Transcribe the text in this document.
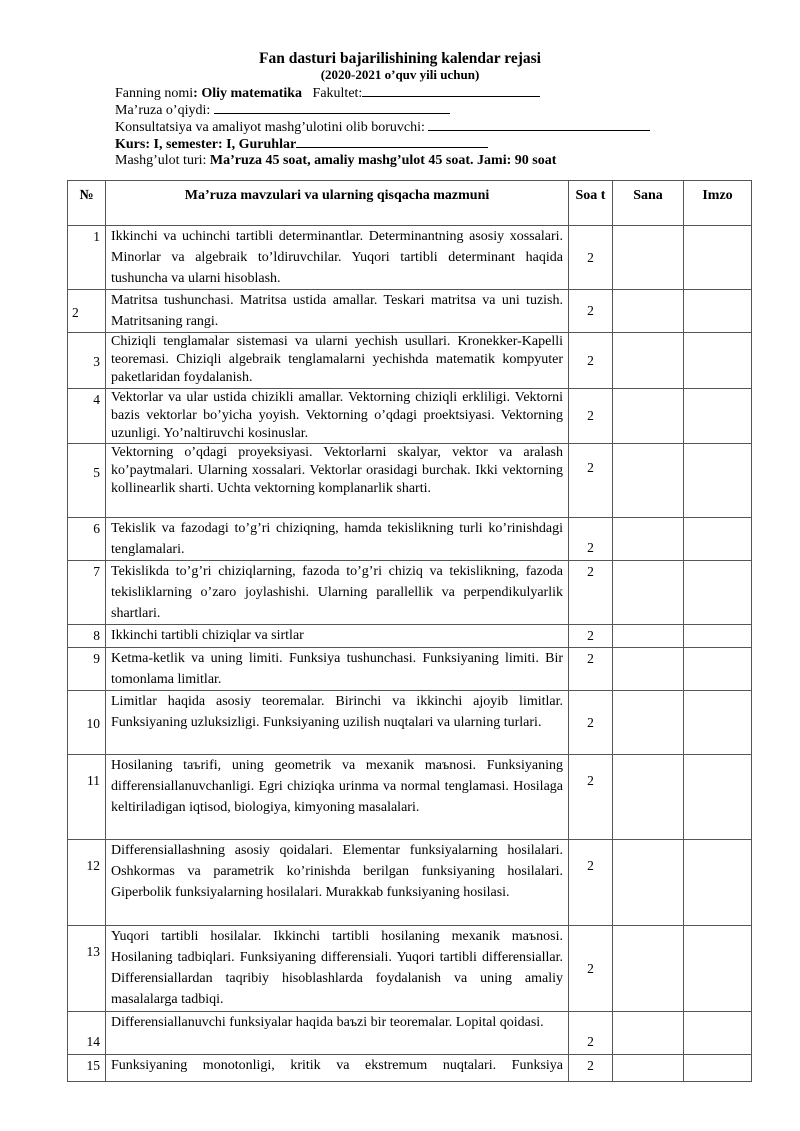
Fan dasturi bajarilishining kalendar rejasi
(2020-2021 o’quv yili uchun)
Fanning nomi: Oliy matematika Fakultet:
Ma’ruza o’qiydi:
Konsultatsiya va amaliyot mashg’ulotini olib boruvchi:
Kurs: I, semester: I, Guruhlar
Mashg’ulot turi: Ma’ruza 45 soat, amaliy mashg’ulot 45 soat. Jami: 90 soat
№	Ma’ruza mavzulari va ularning qisqacha mazmuni	Soa t	Sana	Imzo
1	Ikkinchi va uchinchi tartibli determinantlar. Determinantning asosiy xossalari. Minorlar va algebraik to’ldiruvchilar. Yuqori tartibli determinant haqida tushuncha va ularni hisoblash.	2		
2	Matritsa tushunchasi. Matritsa ustida amallar. Teskari matritsa va uni tuzish. Matritsaning rangi.	2		
3	Chiziqli tenglamalar sistemasi va ularni yechish usullari. Kronekker-Kapelli teoremasi. Chiziqli algebraik tenglamalarni yechishda matematik kompyuter paketlaridan foydalanish.	2		
4	Vektorlar va ular ustida chizikli amallar. Vektorning chiziqli erkliligi. Vektorni bazis vektorlar bo’yicha yoyish. Vektorning o’qdagi proektsiyasi. Vektorning uzunligi. Yo’naltiruvchi kosinuslar.	2		
5	Vektorning o’qdagi proyeksiyasi. Vektorlarni skalyar, vektor va aralash ko’paytmalari. Ularning xossalari. Vektorlar orasidagi burchak. Ikki vektorning kollinearlik sharti. Uchta vektorning komplanarlik sharti.	2		
6	Tekislik va fazodagi to’g’ri chiziqning, hamda tekislikning turli ko’rinishdagi tenglamalari.	2		
7	Tekislikda to’g’ri chiziqlarning, fazoda to’g’ri chiziq va tekislikning, fazoda tekisliklarning o’zaro joylashishi. Ularning parallellik va perpendikulyarlik shartlari.	2		
8	Ikkinchi tartibli chiziqlar va sirtlar	2		
9	Ketma-ketlik va uning limiti. Funksiya tushunchasi. Funksiyaning limiti. Bir tomonlama limitlar.	2		
10	Limitlar haqida asosiy teoremalar. Birinchi va ikkinchi ajoyib limitlar. Funksiyaning uzluksizligi. Funksiyaning uzilish nuqtalari va ularning turlari.	2		
11	Hosilaning taъrifi, uning geometrik va mexanik maъnosi. Funksiyaning differensiallanuvchanligi. Egri chiziqka urinma va normal tenglamasi. Hosilaga keltiriladigan iqtisod, biologiya, kimyoning masalalari.	2		
12	Differensiallashning asosiy qoidalari. Elementar funksiyalarning hosilalari. Oshkormas va parametrik ko’rinishda berilgan funksiyaning hosilalari. Giperbolik funksiyalarning hosilalari. Murakkab funksiyaning hosilasi.	2		
13	Yuqori tartibli hosilalar. Ikkinchi tartibli hosilaning mexanik maъnosi. Hosilaning tadbiqlari. Funksiyaning differensiali. Yuqori tartibli differensiallar. Differensiallardan taqribiy hisoblashlarda foydalanish va uning amaliy masalalarga tadbiqi.	2		
14	Differensiallanuvchi funksiyalar haqida baъzi bir teoremalar. Lopital qoidasi.	2		
15	Funksiyaning monotonligi, kritik va ekstremum nuqtalari. Funksiya	2		
